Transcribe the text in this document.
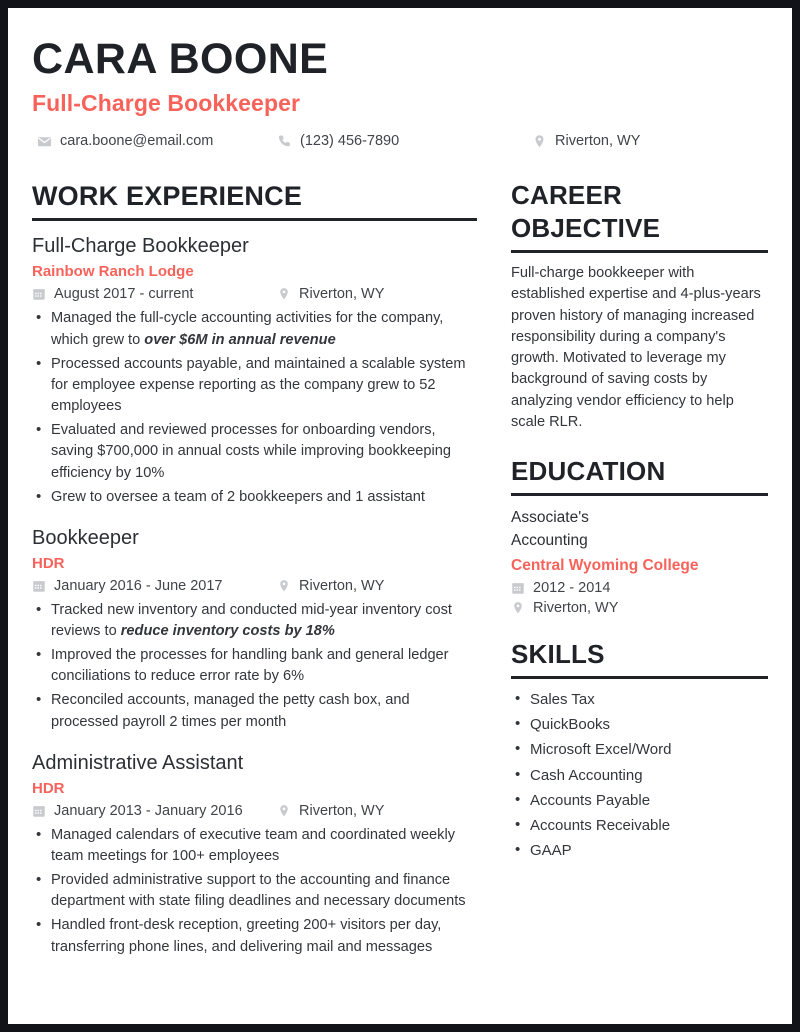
CARA BOONE
Full-Charge Bookkeeper
cara.boone@email.com	(123) 456-7890	Riverton, WY
WORK EXPERIENCE
Full-Charge Bookkeeper
Rainbow Ranch Lodge
August 2017 - current	Riverton, WY
• Managed the full-cycle accounting activities for the company, which grew to over $6M in annual revenue
• Processed accounts payable, and maintained a scalable system for employee expense reporting as the company grew to 52 employees
• Evaluated and reviewed processes for onboarding vendors, saving $700,000 in annual costs while improving bookkeeping efficiency by 10%
• Grew to oversee a team of 2 bookkeepers and 1 assistant
Bookkeeper
HDR
January 2016 - June 2017	Riverton, WY
• Tracked new inventory and conducted mid-year inventory cost reviews to reduce inventory costs by 18%
• Improved the processes for handling bank and general ledger conciliations to reduce error rate by 6%
• Reconciled accounts, managed the petty cash box, and processed payroll 2 times per month
Administrative Assistant
HDR
January 2013 - January 2016	Riverton, WY
• Managed calendars of executive team and coordinated weekly team meetings for 100+ employees
• Provided administrative support to the accounting and finance department with state filing deadlines and necessary documents
• Handled front-desk reception, greeting 200+ visitors per day, transferring phone lines, and delivering mail and messages
CAREER OBJECTIVE
Full-charge bookkeeper with established expertise and 4-plus-years proven history of managing increased responsibility during a company's growth. Motivated to leverage my background of saving costs by analyzing vendor efficiency to help scale RLR.
EDUCATION
Associate's
Accounting
Central Wyoming College
2012 - 2014
Riverton, WY
SKILLS
• Sales Tax
• QuickBooks
• Microsoft Excel/Word
• Cash Accounting
• Accounts Payable
• Accounts Receivable
• GAAP
